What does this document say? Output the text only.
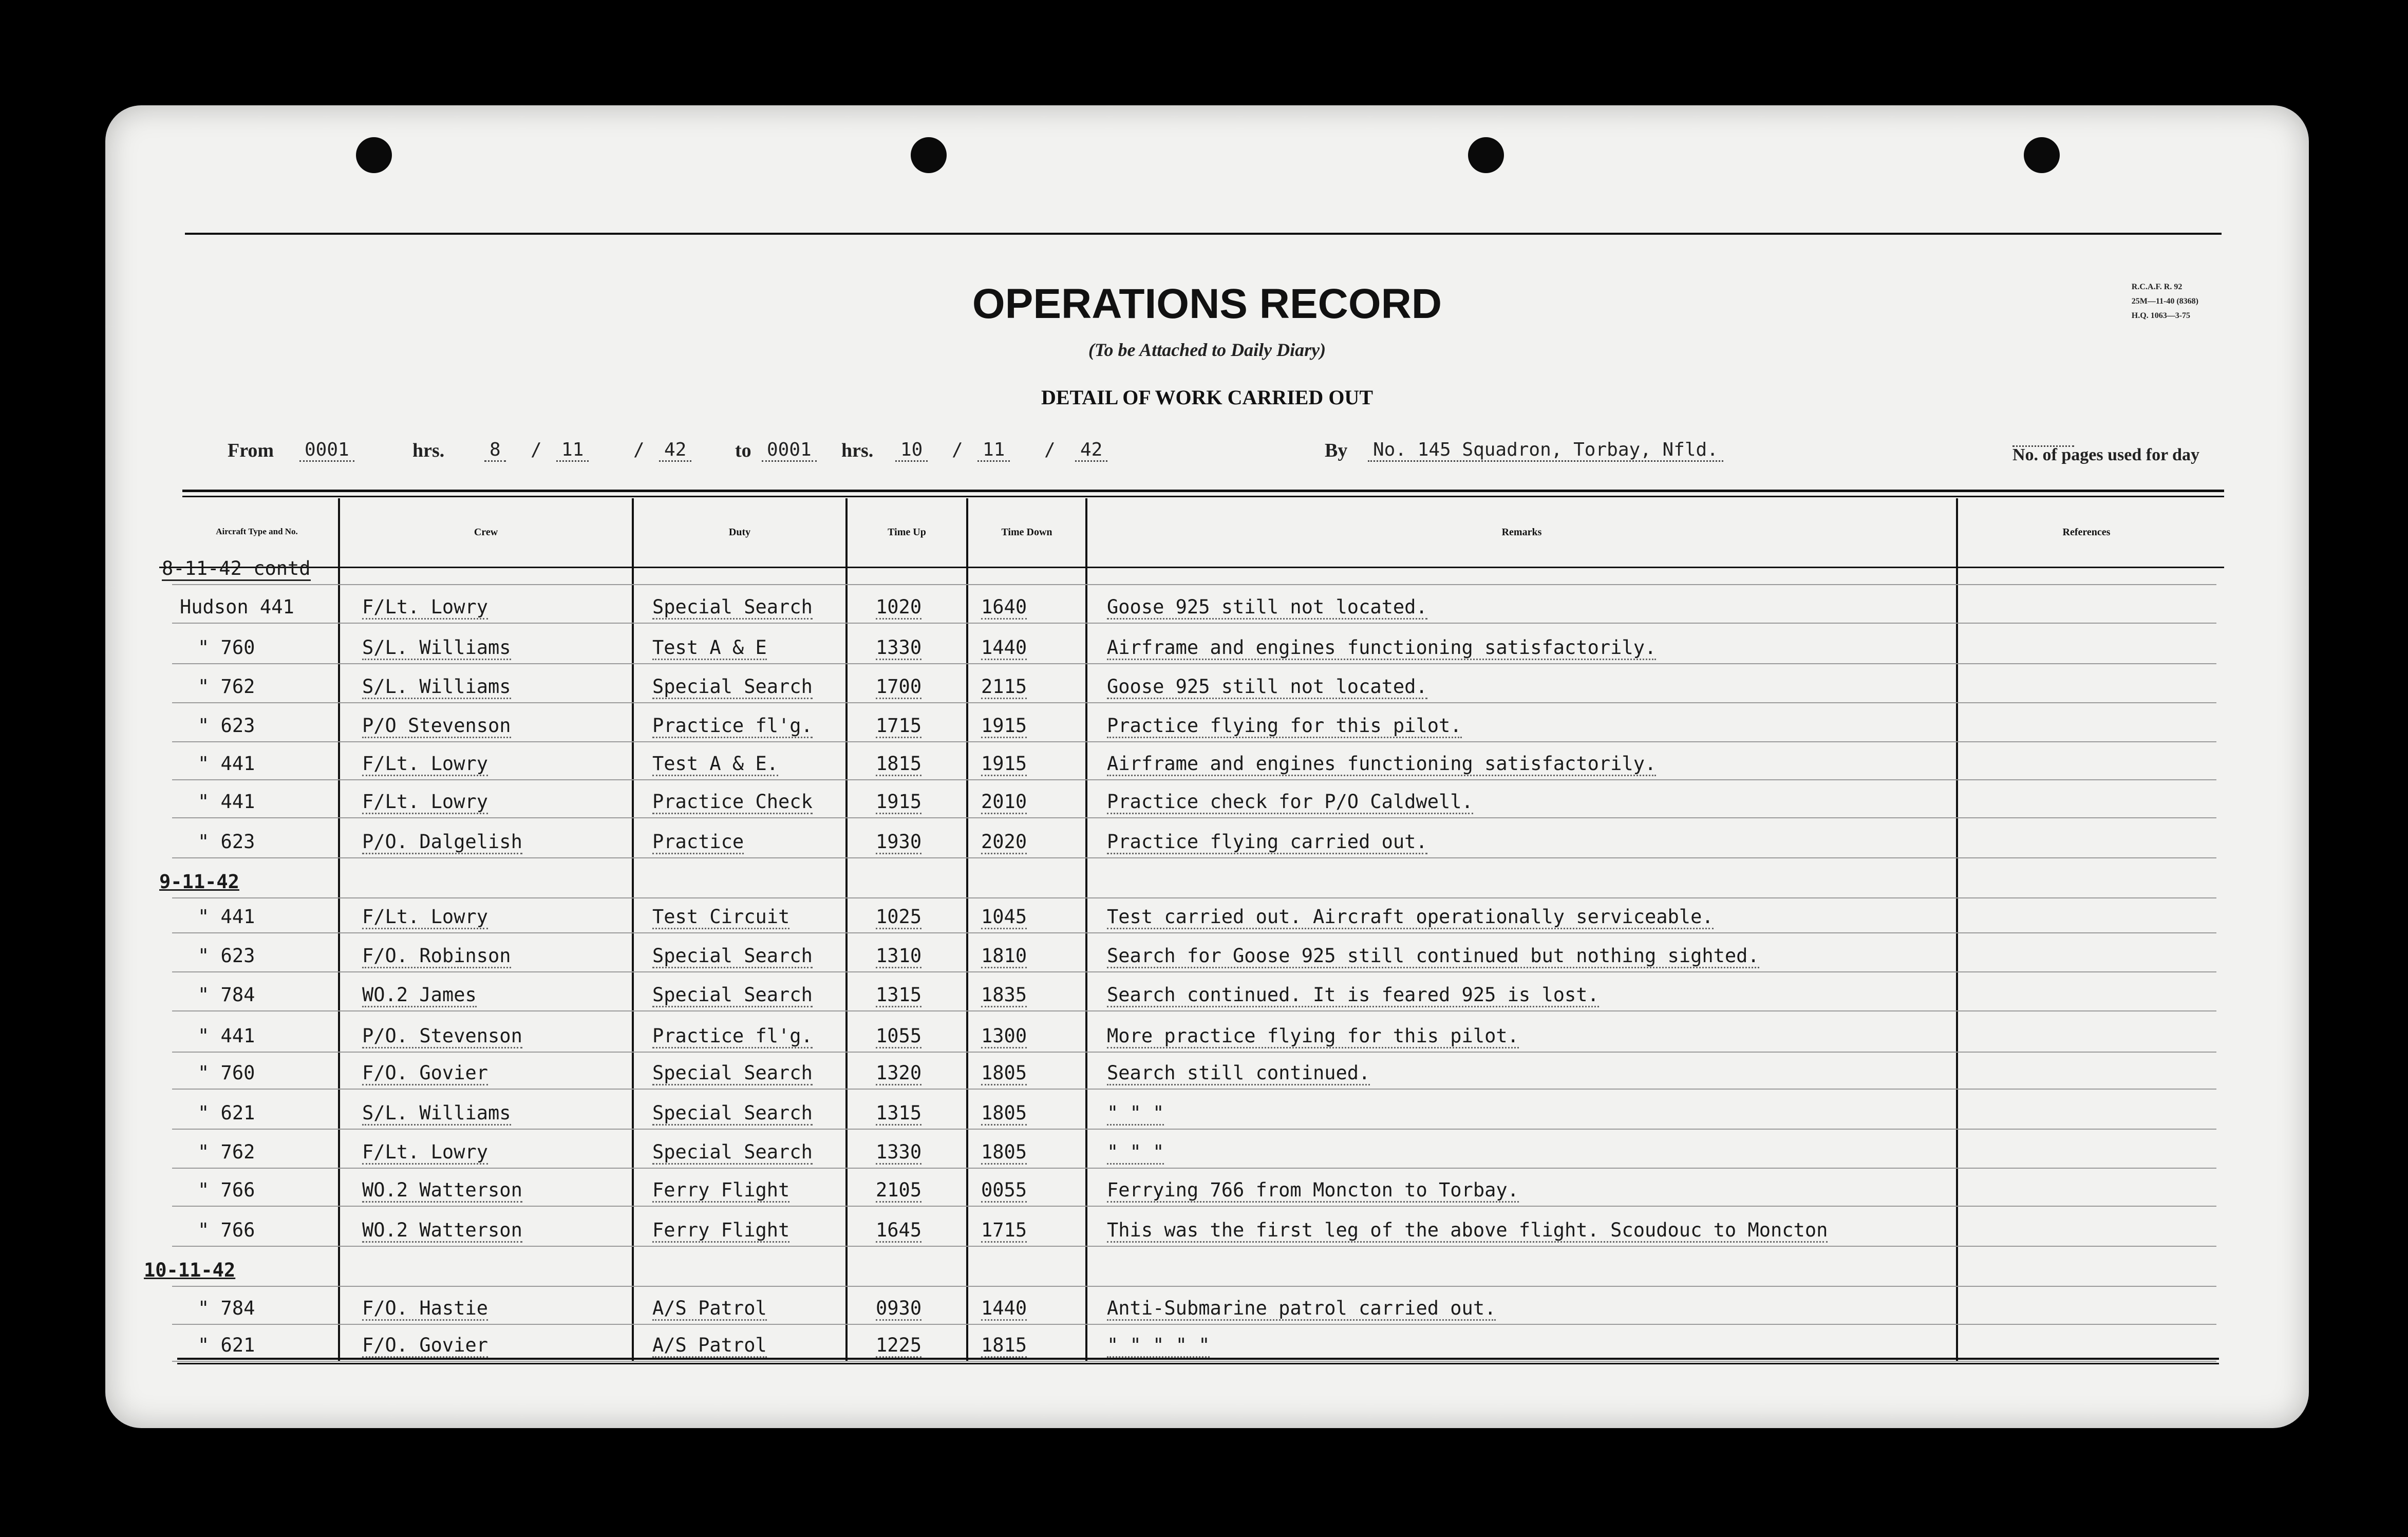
OPERATIONS RECORD
(To be Attached to Daily Diary)
DETAIL OF WORK CARRIED OUT
R.C.A.F. R. 92
25M—11-40 (8368)
H.Q. 1063—3-75
From 0001	hrs. 8 / 11	/ 42 to 0001 hrs. 10 / 11 / 42	By No. 145 Squadron, Torbay, Nfld.	No. of pages used for day
Aircraft Type and No.	Crew	Duty	Time Up	Time Down	Remarks	References
8-11-42 contd
Hudson 441	F/Lt. Lowry	Special Search	1020	1640	Goose 925 still not located.
" 760	S/L. Williams	Test A & E	1330	1440	Airframe and engines functioning satisfactorily.
" 762	S/L. Williams	Special Search	1700	2115	Goose 925 still not located.
" 623	P/O Stevenson	Practice fl'g.	1715	1915	Practice flying for this pilot.
" 441	F/Lt. Lowry	Test A & E.	1815	1915	Airframe and engines functioning satisfactorily.
" 441	F/Lt. Lowry	Practice Check	1915	2010	Practice check for P/O Caldwell.
" 623	P/O. Dalgelish	Practice	1930	2020	Practice flying carried out.
9-11-42
" 441	F/Lt. Lowry	Test Circuit	1025	1045	Test carried out. Aircraft operationally serviceable.
" 623	F/O. Robinson	Special Search	1310	1810	Search for Goose 925 still continued but nothing sighted.
" 784	WO.2 James	Special Search	1315	1835	Search continued. It is feared 925 is lost.
" 441	P/O. Stevenson	Practice fl'g.	1055	1300	More practice flying for this pilot.
" 760	F/O. Govier	Special Search	1320	1805	Search still continued.
" 621	S/L. Williams	Special Search	1315	1805	" " "
" 762	F/Lt. Lowry	Special Search	1330	1805	" " "
" 766	WO.2 Watterson	Ferry Flight	2105	0055	Ferrying 766 from Moncton to Torbay.
" 766	WO.2 Watterson	Ferry Flight	1645	1715	This was the first leg of the above flight. Scoudouc to Moncton
10-11-42
" 784	F/O. Hastie	A/S Patrol	0930	1440	Anti-Submarine patrol carried out.
" 621	F/O. Govier	A/S Patrol	1225	1815	" " " " "
